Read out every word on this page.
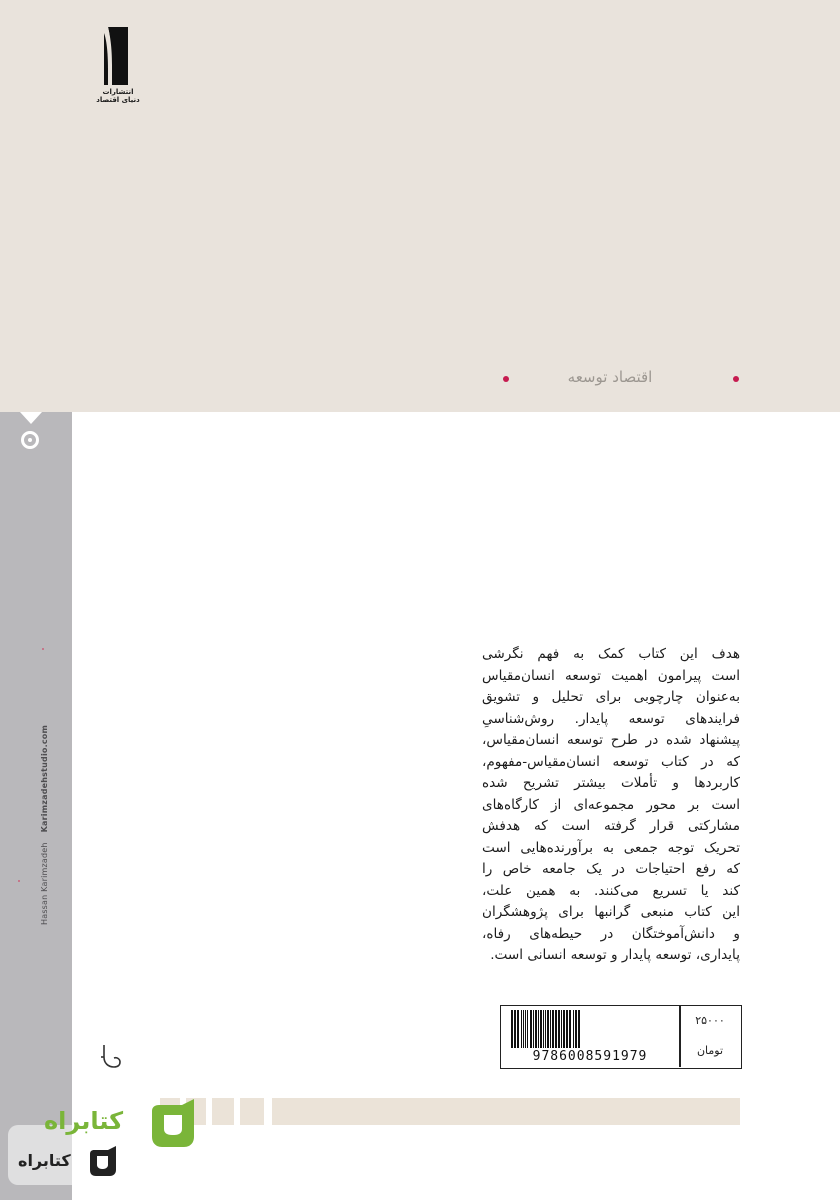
انتشارات
دنیای اقتصاد
اقتصاد توسعه
Hassan KarimzadehKarimzadehstudio.com
هدف این کتاب کمک به فهم نگرشی
است پیرامون اهمیت توسعه انسان‌مقیاس
به‌عنوان چارچوبی برای تحلیل و تشویق
فرایندهای توسعه پایدار. روش‌شناسیِ
پیشنهاد شده در طرح توسعه انسان‌مقیاس،
که در کتاب توسعه انسان‌مقیاس-مفهوم،
کاربردها و تأملات بیشتر تشریح شده
است بر محور مجموعه‌ای از کارگاه‌های
مشارکتی قرار گرفته است که هدفش
تحریک توجه جمعی به برآورنده‌هایی است
که رفع احتیاجات در یک جامعه خاص را
کند یا تسریع می‌کنند. به همین علت،
این کتاب منبعی گرانبها برای پژوهشگران
و دانش‌آموختگان در حیطه‌های رفاه،
پایداری، توسعه پایدار و توسعه انسانی است.
9786008591979
۲۵۰۰۰
تومان
کتابراه
کتابراه
